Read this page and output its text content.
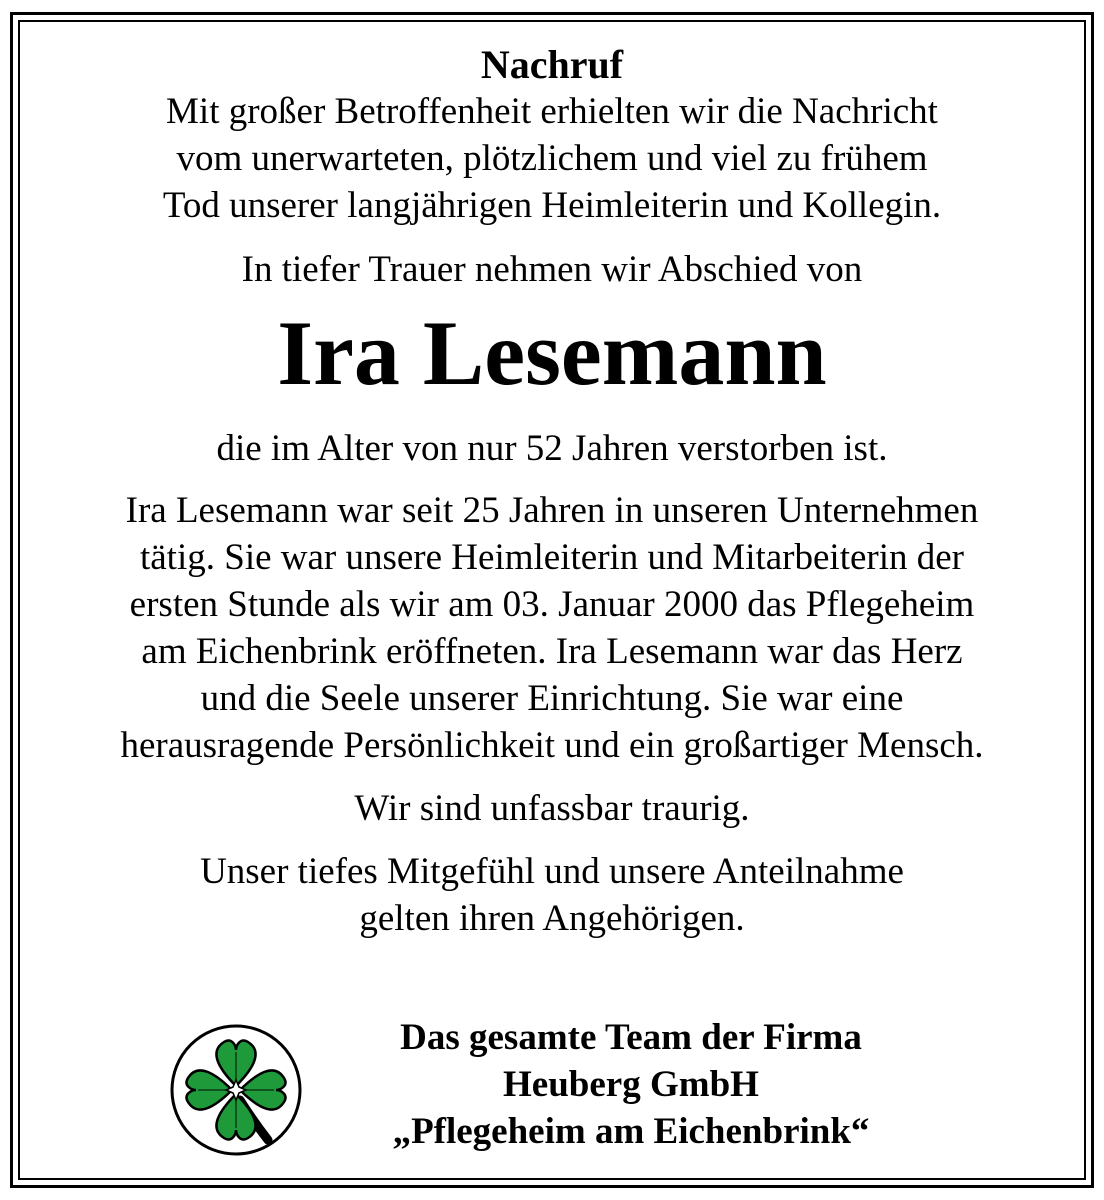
Nachruf
Mit großer Betroffenheit erhielten wir die Nachricht
vom unerwarteten, plötzlichem und viel zu frühem
Tod unserer langjährigen Heimleiterin und Kollegin.
In tiefer Trauer nehmen wir Abschied von
Ira Lesemann
die im Alter von nur 52 Jahren verstorben ist.
Ira Lesemann war seit 25 Jahren in unseren Unternehmen
tätig. Sie war unsere Heimleiterin und Mitarbeiterin der
ersten Stunde als wir am 03. Januar 2000 das Pflegeheim
am Eichenbrink eröffneten. Ira Lesemann war das Herz
und die Seele unserer Einrichtung. Sie war eine
herausragende Persönlichkeit und ein großartiger Mensch.
Wir sind unfassbar traurig.
Unser tiefes Mitgefühl und unsere Anteilnahme
gelten ihren Angehörigen.
Das gesamte Team der Firma
Heuberg GmbH
„Pflegeheim am Eichenbrink“
